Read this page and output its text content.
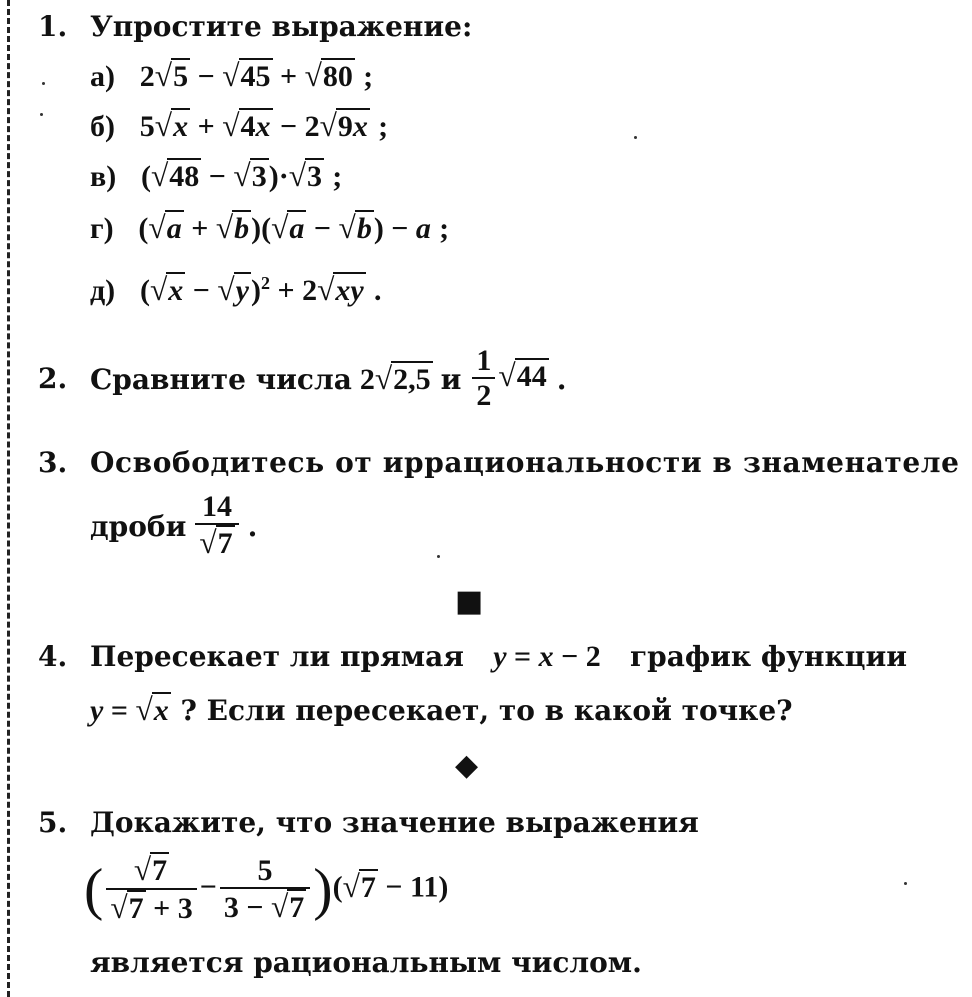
1. Упростите выражение:
а) 2√5 − √45 + √80 ;
б) 5√x + √4x − 2√9x ;
в) (√48 − √3)·√3 ;
г) (√a + √b)(√a − √b) − a ;
д) $(√x - √y)^2 + 2√xy$ .
2. Сравните числа 2√2,5 и $\frac{1}{2} √44$ .
3. Освободитесь от иррациональности в знаменателе
дроби $\frac{14}{√7}$ .
■
4. Пересекает ли прямая y = x − 2 график функции
y = √x ? Если пересекает, то в какой точке?
◆
5. Докажите, что значение выражения
( $\frac{√7}{√7 + 3} - \frac{5}{3 - √7} )(√7 - 11)$
является рациональным числом.
